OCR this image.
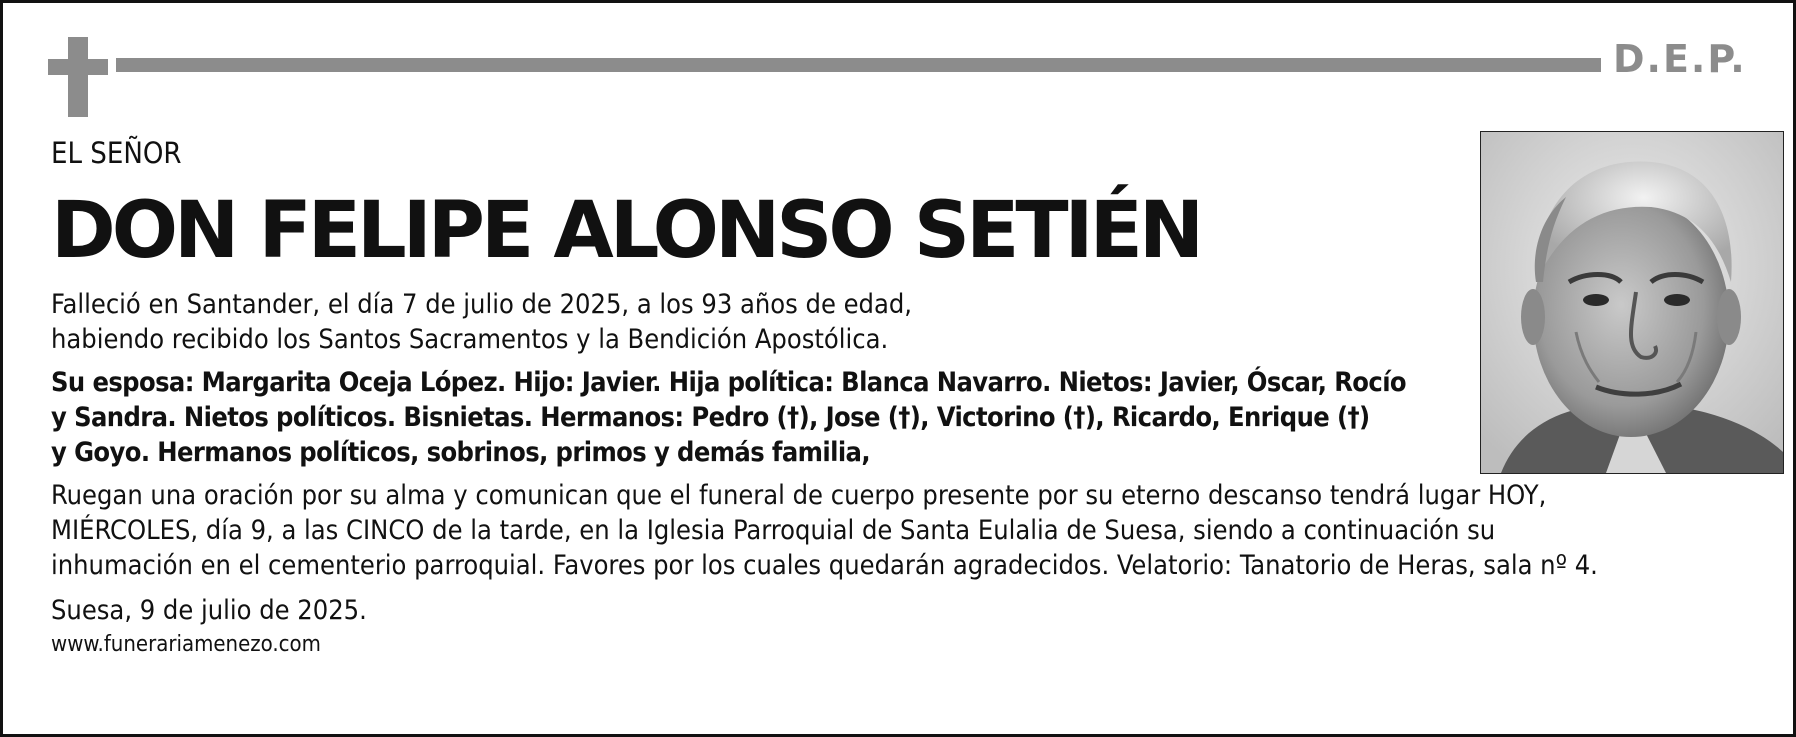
D.E.P.
EL SEÑOR
DON FELIPE ALONSO SETIÉN
Falleció en Santander, el día 7 de julio de 2025, a los 93 años de edad,
habiendo recibido los Santos Sacramentos y la Bendición Apostólica.
Su esposa: Margarita Oceja López. Hijo: Javier. Hija política: Blanca Navarro. Nietos: Javier, Óscar, Rocío
y Sandra. Nietos políticos. Bisnietas. Hermanos: Pedro (†), Jose (†), Victorino (†), Ricardo, Enrique (†)
y Goyo. Hermanos políticos, sobrinos, primos y demás familia,
Ruegan una oración por su alma y comunican que el funeral de cuerpo presente por su eterno descanso tendrá lugar HOY,
MIÉRCOLES, día 9, a las CINCO de la tarde, en la Iglesia Parroquial de Santa Eulalia de Suesa, siendo a continuación su
inhumación en el cementerio parroquial. Favores por los cuales quedarán agradecidos. Velatorio: Tanatorio de Heras, sala nº 4.
Suesa, 9 de julio de 2025.
www.funerariamenezo.com
